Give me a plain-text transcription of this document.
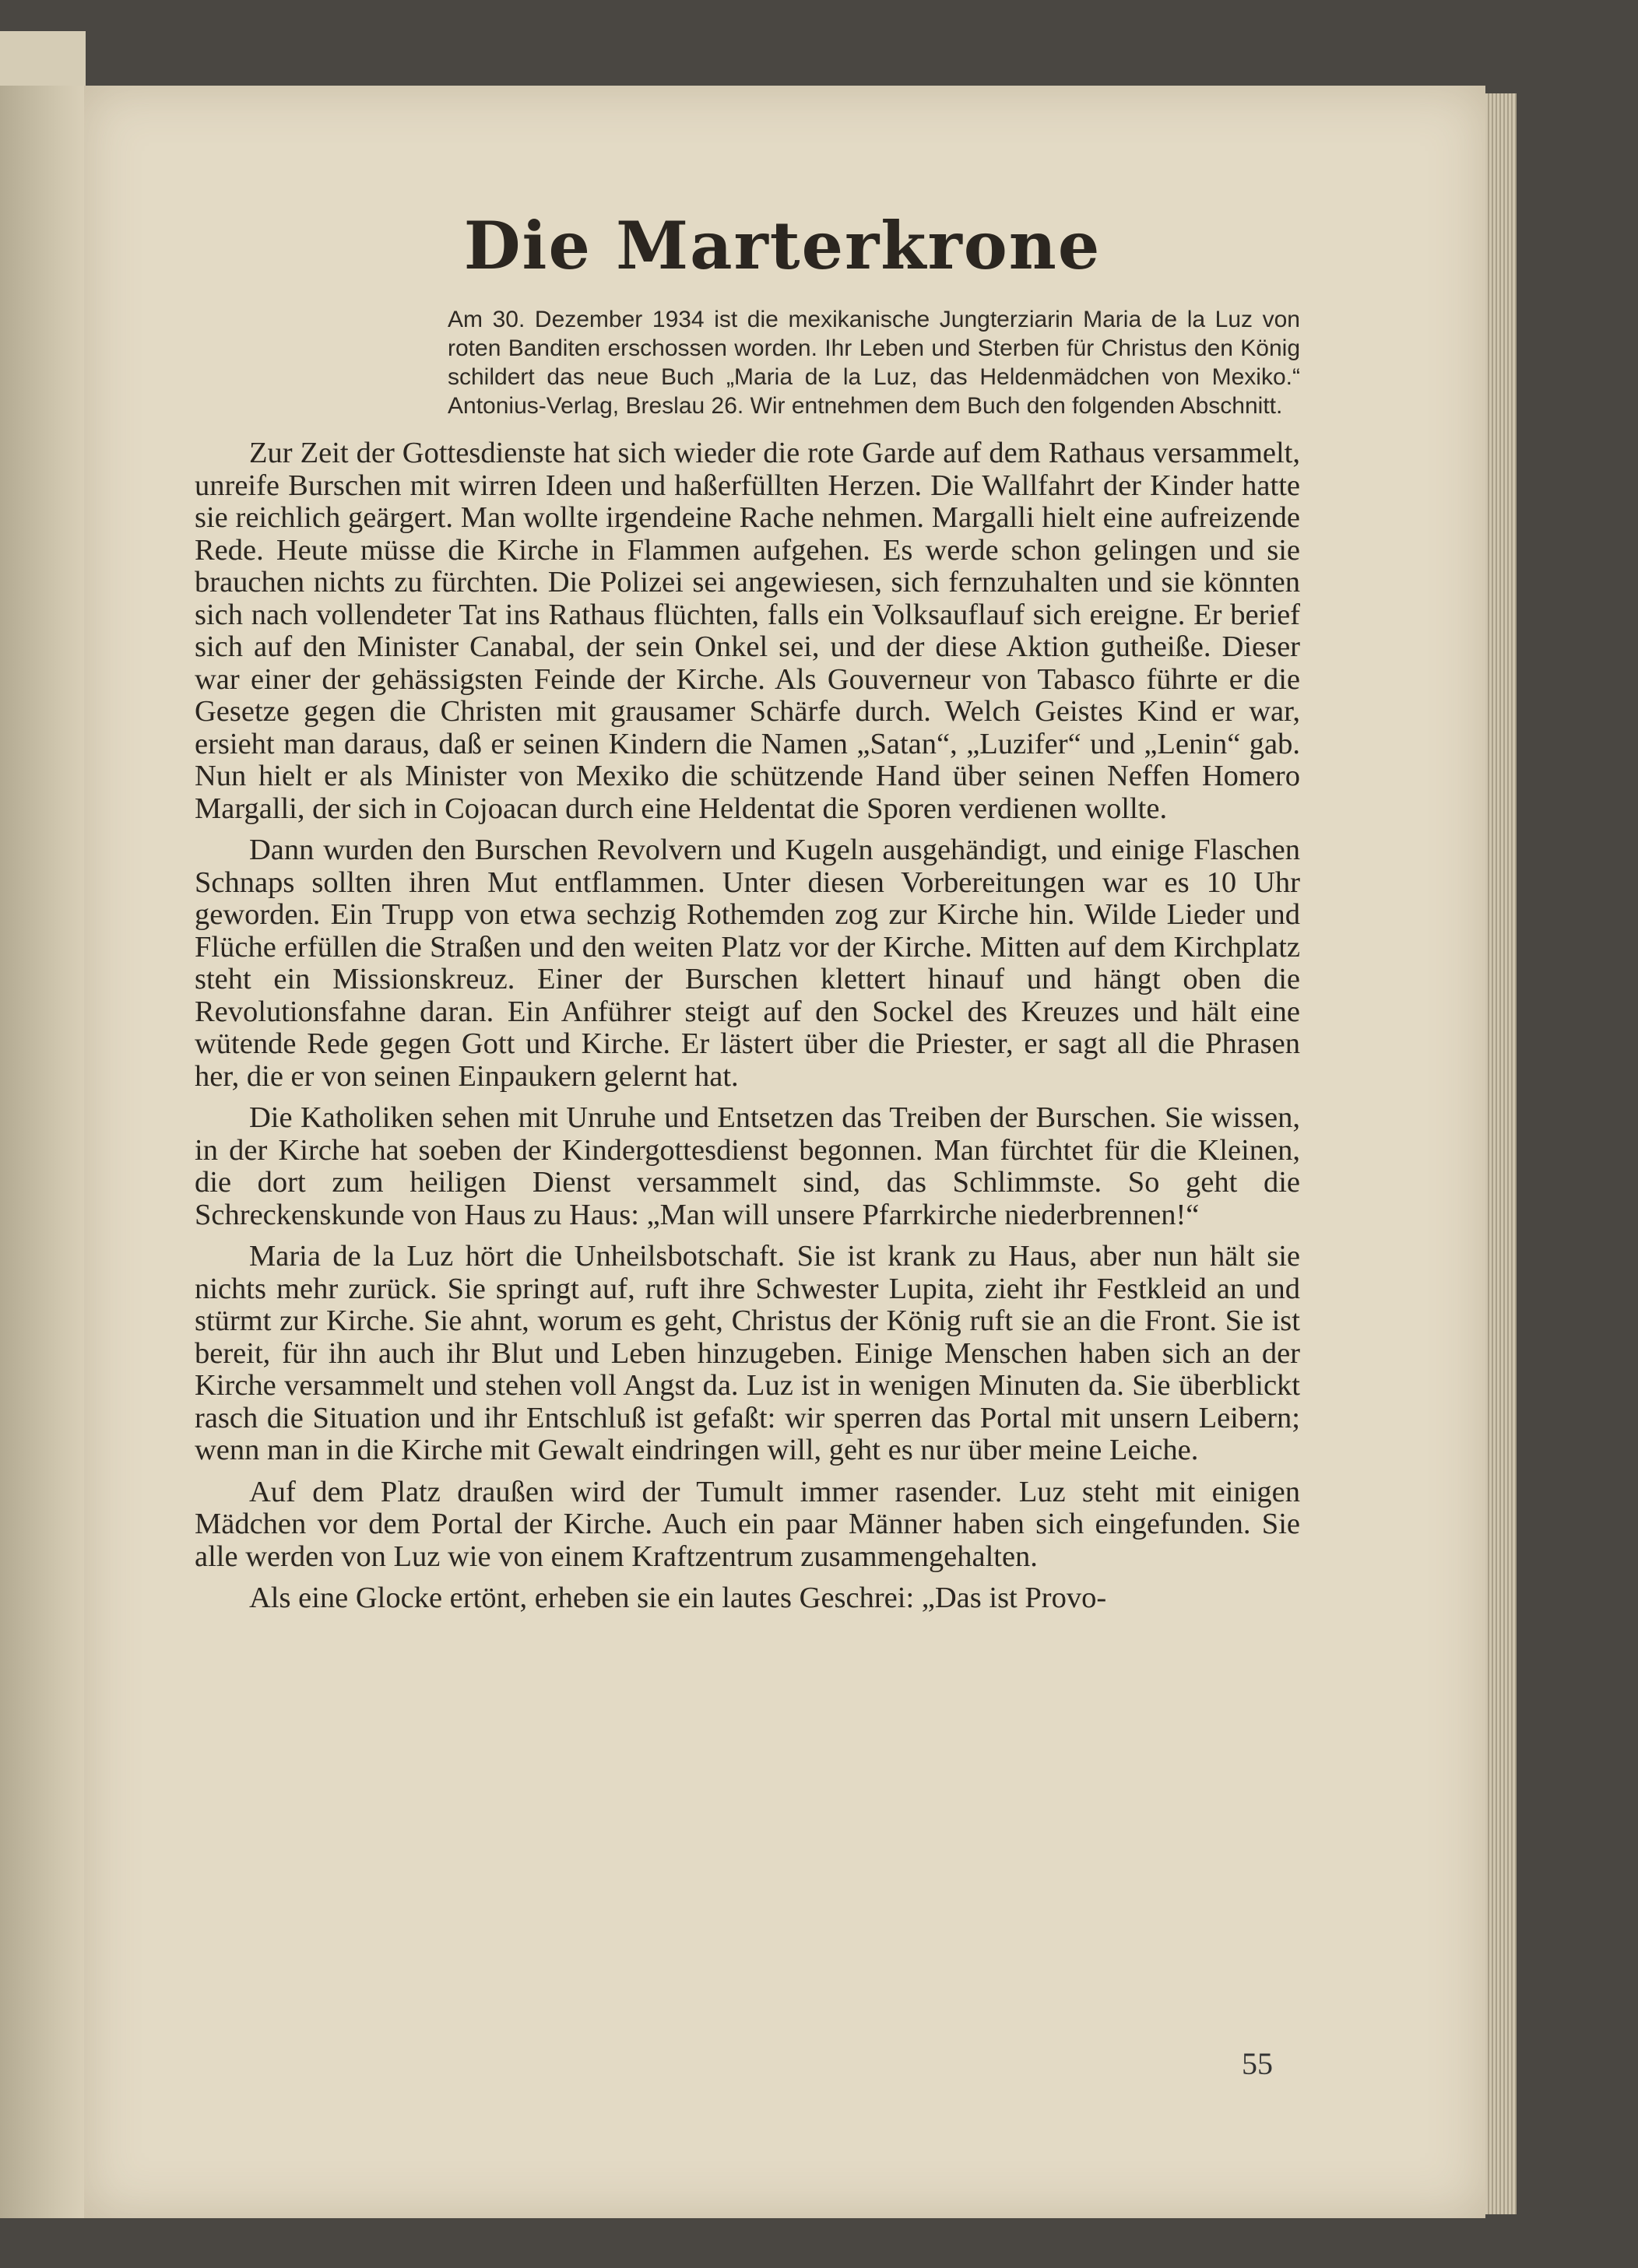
Die Marterkrone
Am 30. Dezember 1934 ist die mexikanische Jungterziarin Maria de la Luz von roten Banditen erschossen worden. Ihr Leben und Sterben für Christus den König schildert das neue Buch „Maria de la Luz, das Heldenmädchen von Mexiko.“ Antonius-Verlag, Breslau 26. Wir entnehmen dem Buch den folgenden Abschnitt.

Zur Zeit der Gottesdienste hat sich wieder die rote Garde auf dem Rathaus versammelt, unreife Burschen mit wirren Ideen und haßerfüllten Herzen. Die Wallfahrt der Kinder hatte sie reichlich geärgert. Man wollte irgendeine Rache nehmen. Margalli hielt eine aufreizende Rede. Heute müsse die Kirche in Flammen aufgehen. Es werde schon gelingen und sie brauchen nichts zu fürchten. Die Polizei sei angewiesen, sich fernzuhalten und sie könnten sich nach vollendeter Tat ins Rathaus flüchten, falls ein Volksauflauf sich ereigne. Er berief sich auf den Minister Canabal, der sein Onkel sei, und der diese Aktion gutheiße. Dieser war einer der gehässigsten Feinde der Kirche. Als Gouverneur von Tabasco führte er die Gesetze gegen die Christen mit grausamer Schärfe durch. Welch Geistes Kind er war, ersieht man daraus, daß er seinen Kindern die Namen „Satan“, „Luzifer“ und „Lenin“ gab. Nun hielt er als Minister von Mexiko die schützende Hand über seinen Neffen Homero Margalli, der sich in Cojoacan durch eine Heldentat die Sporen verdienen wollte.

Dann wurden den Burschen Revolvern und Kugeln ausgehändigt, und einige Flaschen Schnaps sollten ihren Mut entflammen. Unter diesen Vorbereitungen war es 10 Uhr geworden. Ein Trupp von etwa sechzig Rothemden zog zur Kirche hin. Wilde Lieder und Flüche erfüllen die Straßen und den weiten Platz vor der Kirche. Mitten auf dem Kirchplatz steht ein Missionskreuz. Einer der Burschen klettert hinauf und hängt oben die Revolutionsfahne daran. Ein Anführer steigt auf den Sockel des Kreuzes und hält eine wütende Rede gegen Gott und Kirche. Er lästert über die Priester, er sagt all die Phrasen her, die er von seinen Einpaukern gelernt hat.

Die Katholiken sehen mit Unruhe und Entsetzen das Treiben der Burschen. Sie wissen, in der Kirche hat soeben der Kindergottesdienst begonnen. Man fürchtet für die Kleinen, die dort zum heiligen Dienst versammelt sind, das Schlimmste. So geht die Schreckenskunde von Haus zu Haus: „Man will unsere Pfarrkirche niederbrennen!“

Maria de la Luz hört die Unheilsbotschaft. Sie ist krank zu Haus, aber nun hält sie nichts mehr zurück. Sie springt auf, ruft ihre Schwester Lupita, zieht ihr Festkleid an und stürmt zur Kirche. Sie ahnt, worum es geht, Christus der König ruft sie an die Front. Sie ist bereit, für ihn auch ihr Blut und Leben hinzugeben. Einige Menschen haben sich an der Kirche versammelt und stehen voll Angst da. Luz ist in wenigen Minuten da. Sie überblickt rasch die Situation und ihr Entschluß ist gefaßt: wir sperren das Portal mit unsern Leibern; wenn man in die Kirche mit Gewalt eindringen will, geht es nur über meine Leiche.

Auf dem Platz draußen wird der Tumult immer rasender. Luz steht mit einigen Mädchen vor dem Portal der Kirche. Auch ein paar Männer haben sich eingefunden. Sie alle werden von Luz wie von einem Kraftzentrum zusammengehalten.

Als eine Glocke ertönt, erheben sie ein lautes Geschrei: „Das ist Provo-

55
